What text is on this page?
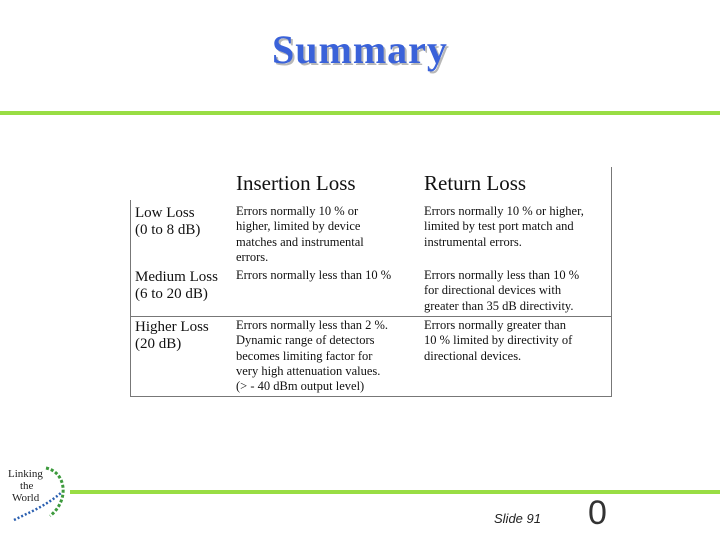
Summary
Insertion Loss	Return Loss
Low Loss
(0 to 8 dB)
Errors normally 10 % or
higher, limited by device
matches and instrumental
errors.
Errors normally 10 % or higher,
limited by test port match and
instrumental errors.
Medium Loss
(6 to 20 dB)
Errors normally less than 10 %	Errors normally less than 10 %
for directional devices with
greater than 35 dB directivity.
Higher Loss
(20 dB)
Errors normally less than 2 %.
Dynamic range of detectors
becomes limiting factor for
very high attenuation values.
(> - 40 dBm output level)
Errors normally greater than
10 % limited by directivity of
directional devices.
Linking
the
World
Slide 91 0
